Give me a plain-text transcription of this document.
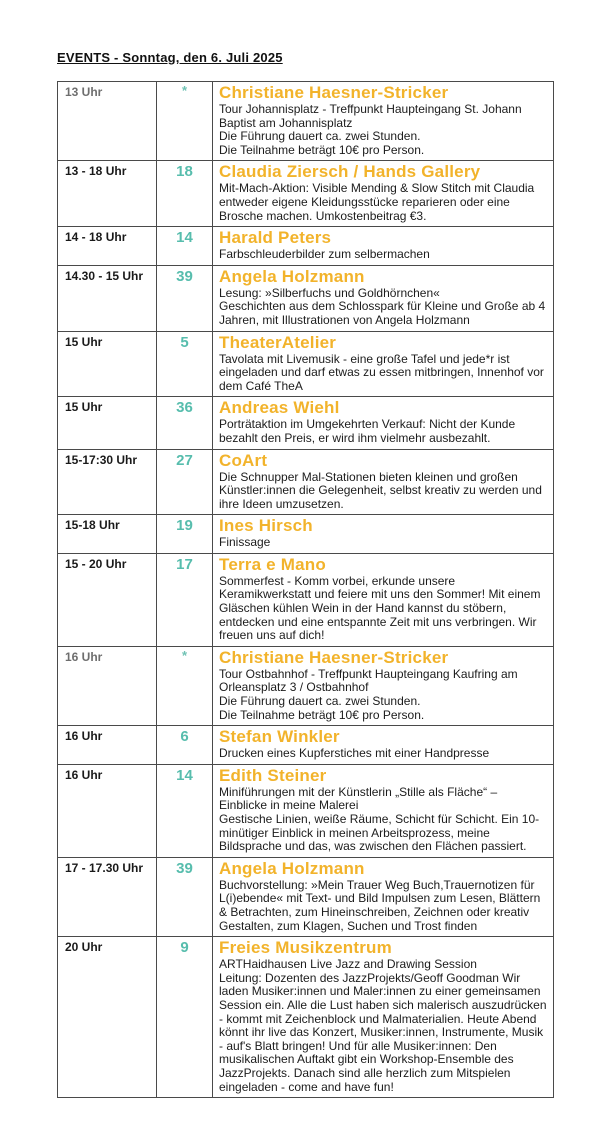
EVENTS - Sonntag, den 6. Juli 2025
13 Uhr	*	Christiane Haesner-Stricker

Tour Johannisplatz - Treffpunkt Haupteingang St. Johann Baptist am Johannisplatz

Die Führung dauert ca. zwei Stunden.

Die Teilnahme beträgt 10€ pro Person.

13 - 18 Uhr	18	Claudia Ziersch / Hands Gallery

Mit-Mach-Aktion: Visible Mending & Slow Stitch mit Claudia entweder eigene Kleidungsstücke reparieren oder eine Brosche machen. Umkostenbeitrag €3.

14 - 18 Uhr	14	Harald Peters

Farbschleuderbilder zum selbermachen

14.30 - 15 Uhr	39	Angela Holzmann

Lesung: »Silberfuchs und Goldhörnchen«

Geschichten aus dem Schlosspark für Kleine und Große ab 4 Jahren, mit Illustrationen von Angela Holzmann

15 Uhr	5	TheaterAtelier

Tavolata mit Livemusik - eine große Tafel und jede*r ist eingeladen und darf etwas zu essen mitbringen, Innenhof vor dem Café TheA

15 Uhr	36	Andreas Wiehl

Porträtaktion im Umgekehrten Verkauf: Nicht der Kunde bezahlt den Preis, er wird ihm vielmehr ausbezahlt.

15-17:30 Uhr	27	CoArt

Die Schnupper Mal-Stationen bieten kleinen und großen Künstler:innen die Gelegenheit, selbst kreativ zu werden und ihre Ideen umzusetzen.

15-18 Uhr	19	Ines Hirsch

Finissage

15 - 20 Uhr	17	Terra e Mano

Sommerfest - Komm vorbei, erkunde unsere Keramikwerkstatt und feiere mit uns den Sommer! Mit einem Gläschen kühlen Wein in der Hand kannst du stöbern, entdecken und eine entspannte Zeit mit uns verbringen. Wir freuen uns auf dich!

16 Uhr	*	Christiane Haesner-Stricker

Tour Ostbahnhof - Treffpunkt Haupteingang Kaufring am Orleansplatz 3 / Ostbahnhof

Die Führung dauert ca. zwei Stunden.

Die Teilnahme beträgt 10€ pro Person.

16 Uhr	6	Stefan Winkler

Drucken eines Kupferstiches mit einer Handpresse

16 Uhr	14	Edith Steiner

Miniführungen mit der Künstlerin „Stille als Fläche“ – Einblicke in meine Malerei

Gestische Linien, weiße Räume, Schicht für Schicht. Ein 10-minütiger Einblick in meinen Arbeitsprozess, meine Bildsprache und das, was zwischen den Flächen passiert.

17 - 17.30 Uhr	39	Angela Holzmann

Buchvorstellung: »Mein Trauer Weg Buch,Trauernotizen für L(i)ebende« mit Text- und Bild Impulsen zum Lesen, Blättern & Betrachten, zum Hineinschreiben, Zeichnen oder kreativ Gestalten, zum Klagen, Suchen und Trost finden

20 Uhr	9	Freies Musikzentrum

ARTHaidhausen Live Jazz and Drawing Session

Leitung: Dozenten des JazzProjekts/Geoff Goodman Wir laden Musiker:innen und Maler:innen zu einer gemeinsamen Session ein. Alle die Lust haben sich malerisch auszudrücken - kommt mit Zeichenblock und Malmaterialien. Heute Abend könnt ihr live das Konzert, Musiker:innen, Instrumente, Musik - auf's Blatt bringen! Und für alle Musiker:innen: Den musikalischen Auftakt gibt ein Workshop-Ensemble des JazzProjekts. Danach sind alle herzlich zum Mitspielen eingeladen - come and have fun!
